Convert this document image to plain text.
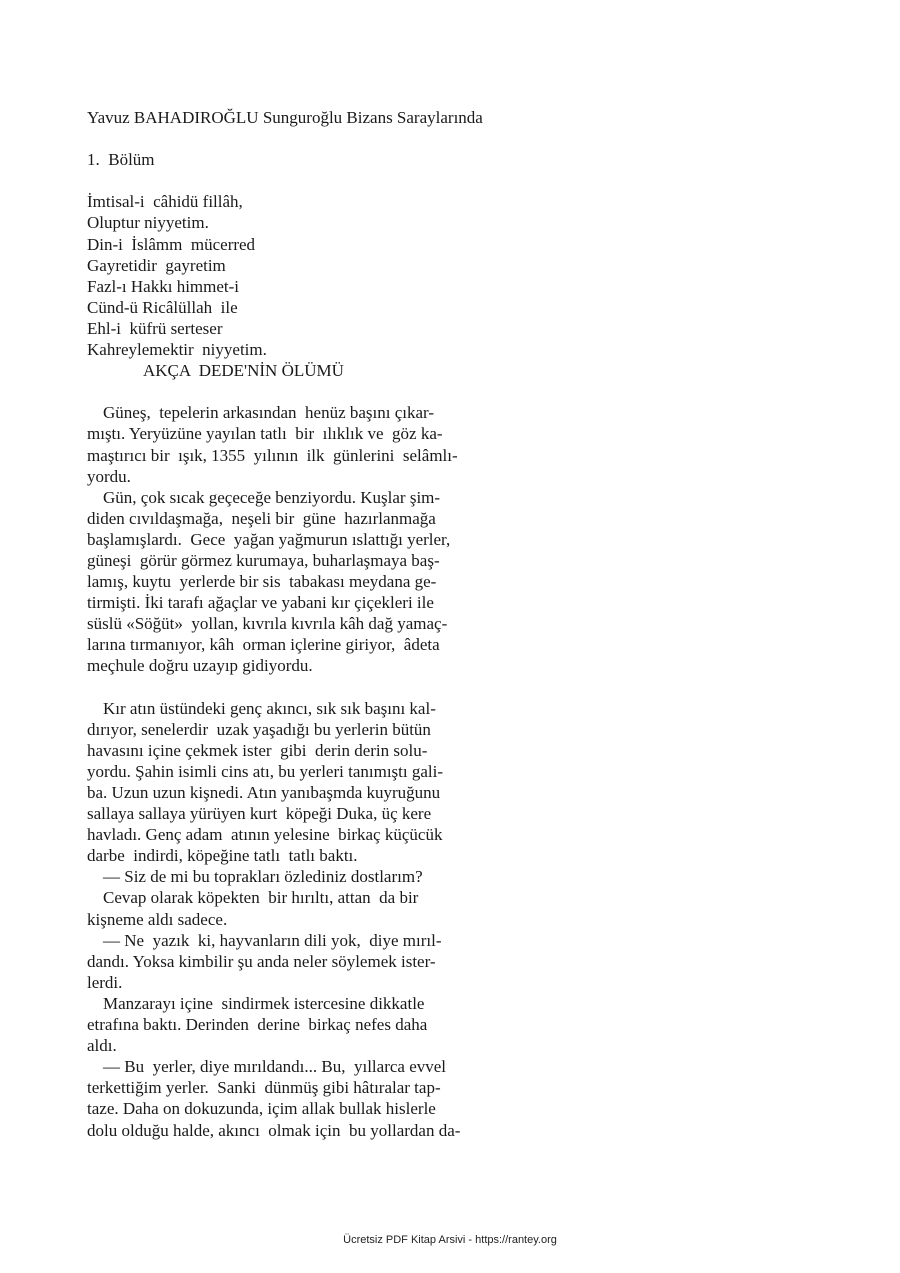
Yavuz BAHADIROĞLU Sunguroğlu Bizans Saraylarında
1.  Bölüm
İmtisal-i  câhidü fillâh,
Oluptur niyyetim.
Din-i  İslâmm  mücerred
Gayretidir  gayretim
Fazl-ı Hakkı himmet-i
Cünd-ü Ricâlüllah  ile
Ehl-i  küfrü serteser
Kahreylemektir  niyyetim.
AKÇA  DEDE'NİN ÖLÜMÜ
Güneş,  tepelerin arkasından  henüz başını çıkar-
mıştı. Yeryüzüne yayılan tatlı  bir  ılıklık ve  göz ka-
maştırıcı bir  ışık, 1355  yılının  ilk  günlerini  selâmlı-
yordu.
Gün, çok sıcak geçeceğe benziyordu. Kuşlar şim-
diden cıvıldaşmağa,  neşeli bir  güne  hazırlanmağa
başlamışlardı.  Gece  yağan yağmurun ıslattığı yerler,
güneşi  görür görmez kurumaya, buharlaşmaya baş-
lamış, kuytu  yerlerde bir sis  tabakası meydana ge-
tirmişti. İki tarafı ağaçlar ve yabani kır çiçekleri ile
süslü «Söğüt»  yollan, kıvrıla kıvrıla kâh dağ yamaç-
larına tırmanıyor, kâh  orman içlerine giriyor,  âdeta
meçhule doğru uzayıp gidiyordu.
Kır atın üstündeki genç akıncı, sık sık başını kal-
dırıyor, senelerdir  uzak yaşadığı bu yerlerin bütün
havasını içine çekmek ister  gibi  derin derin solu-
yordu. Şahin isimli cins atı, bu yerleri tanımıştı gali-
ba. Uzun uzun kişnedi. Atın yanıbaşmda kuyruğunu
sallaya sallaya yürüyen kurt  köpeği Duka, üç kere
havladı. Genç adam  atının yelesine  birkaç küçücük
darbe  indirdi, köpeğine tatlı  tatlı baktı.
— Siz de mi bu toprakları özlediniz dostlarım?
Cevap olarak köpekten  bir hırıltı, attan  da bir
kişneme aldı sadece.
— Ne  yazık  ki, hayvanların dili yok,  diye mırıl-
dandı. Yoksa kimbilir şu anda neler söylemek ister-
lerdi.
Manzarayı içine  sindirmek istercesine dikkatle
etrafına baktı. Derinden  derine  birkaç nefes daha
aldı.
— Bu  yerler, diye mırıldandı... Bu,  yıllarca evvel
terkettiğim yerler.  Sanki  dünmüş gibi hâtıralar tap-
taze. Daha on dokuzunda, içim allak bullak hislerle
dolu olduğu halde, akıncı  olmak için  bu yollardan da-
Ücretsiz PDF Kitap Arsivi - https://rantey.org
